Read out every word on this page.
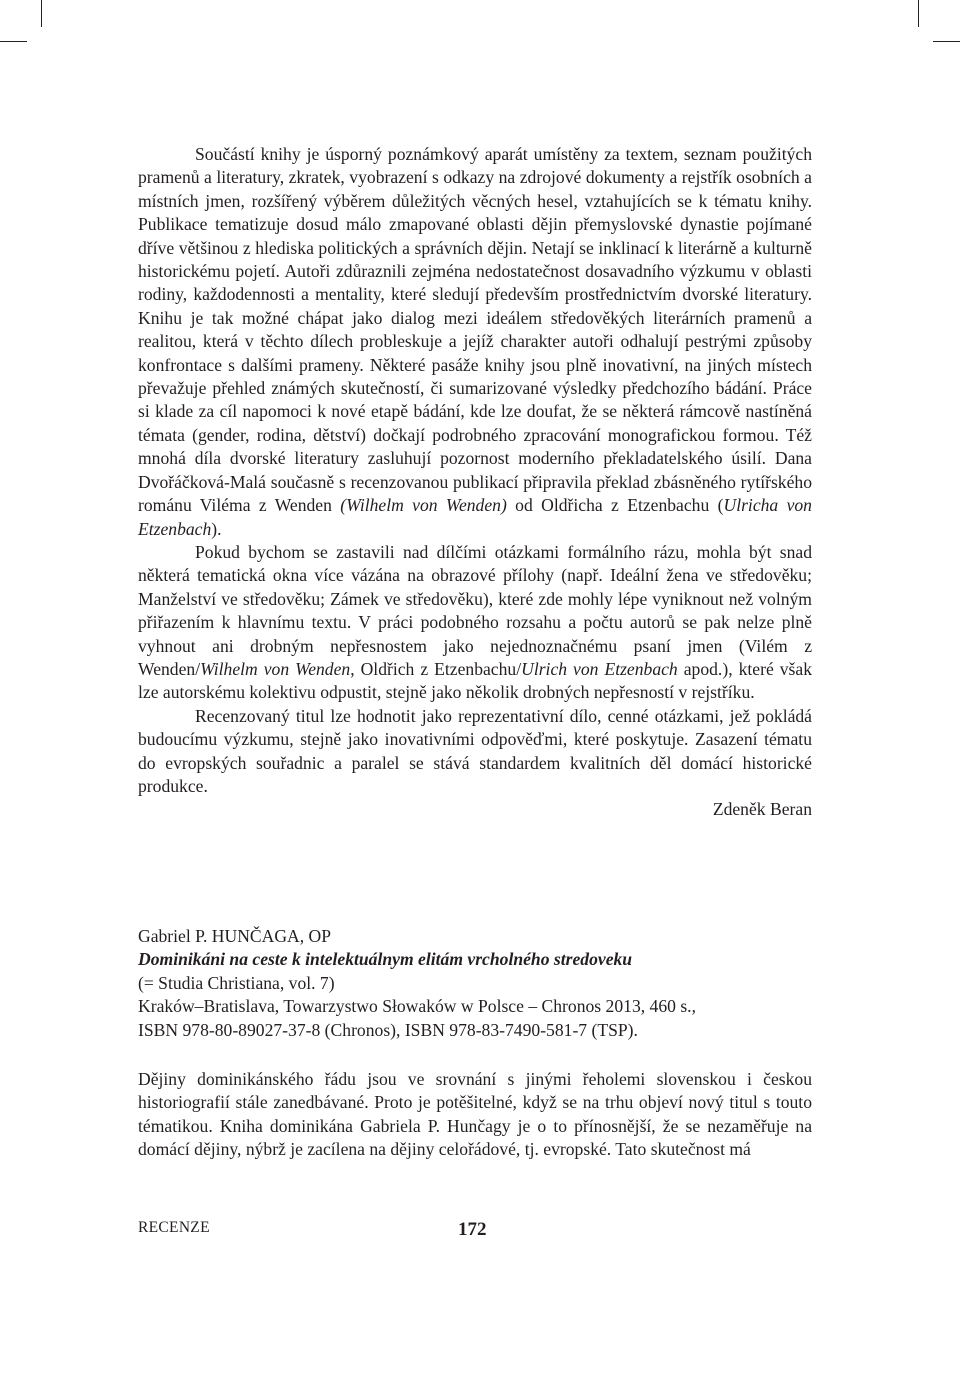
Součástí knihy je úsporný poznámkový aparát umístěny za textem, seznam použitých pramenů a literatury, zkratek, vyobrazení s odkazy na zdrojové dokumenty a rejstřík osobních a místních jmen, rozšířený výběrem důležitých věcných hesel, vztahujících se k tématu knihy. Publikace tematizuje dosud málo zmapované oblasti dějin přemyslovské dynastie pojímané dříve většinou z hlediska politických a správních dějin. Netají se inklinací k literárně a kulturně historickému pojetí. Autoři zdůraznili zejména nedostatečnost dosavadního výzkumu v oblasti rodiny, každodennosti a mentality, které sledují především prostřednictvím dvorské literatury. Knihu je tak možné chápat jako dialog mezi ideálem středověkých literárních pramenů a realitou, která v těchto dílech probleskuje a jejíž charakter autoři odhalují pestrými způsoby konfrontace s dalšími prameny. Některé pasáže knihy jsou plně inovativní, na jiných místech převažuje přehled známých skutečností, či sumarizované výsledky předchozího bádání. Práce si klade za cíl napomoci k nové etapě bádání, kde lze doufat, že se některá rámcově nastíněná témata (gender, rodina, dětství) dočkají podrobného zpracování monografickou formou. Též mnohá díla dvorské literatury zasluhují pozornost moderního překladatelského úsilí. Dana Dvořáčková-Malá současně s recenzovanou publikací připravila překlad zbásněného rytířského románu Viléma z Wenden (Wilhelm von Wenden) od Oldřicha z Etzenbachu (Ulricha von Etzenbach).

Pokud bychom se zastavili nad dílčími otázkami formálního rázu, mohla být snad některá tematická okna více vázána na obrazové přílohy (např. Ideální žena ve středověku; Manželství ve středověku; Zámek ve středověku), které zde mohly lépe vyniknout než volným přiřazením k hlavnímu textu. V práci podobného rozsahu a počtu autorů se pak nelze plně vyhnout ani drobným nepřesnostem jako nejednoznačnému psaní jmen (Vilém z Wenden/Wilhelm von Wenden, Oldřich z Etzenbachu/Ulrich von Etzenbach apod.), které však lze autorskému kolektivu odpustit, stejně jako několik drobných nepřesností v rejstříku.

Recenzovaný titul lze hodnotit jako reprezentativní dílo, cenné otázkami, jež pokládá budoucímu výzkumu, stejně jako inovativními odpověďmi, které poskytuje. Zasazení tématu do evropských souřadnic a paralel se stává standardem kvalitních děl domácí historické produkce.

Zdeněk Beran
Gabriel P. HUNČAGA, OP
Dominikáni na ceste k intelektuálnym elitám vrcholného stredoveku
(= Studia Christiana, vol. 7)
Kraków–Bratislava, Towarzystwo Słowaków w Polsce – Chronos 2013, 460 s.,
ISBN 978-80-89027-37-8 (Chronos), ISBN 978-83-7490-581-7 (TSP).

Dějiny dominikánského řádu jsou ve srovnání s jinými řeholemi slovenskou i českou historiografií stále zanedbávané. Proto je potěšitelné, když se na trhu objeví nový titul s touto tématikou. Kniha dominikána Gabriela P. Hunčagy je o to přínosnější, že se nezaměřuje na domácí dějiny, nýbrž je zacílena na dějiny celořádové, tj. evropské. Tato skutečnost má

RECENZE	172
